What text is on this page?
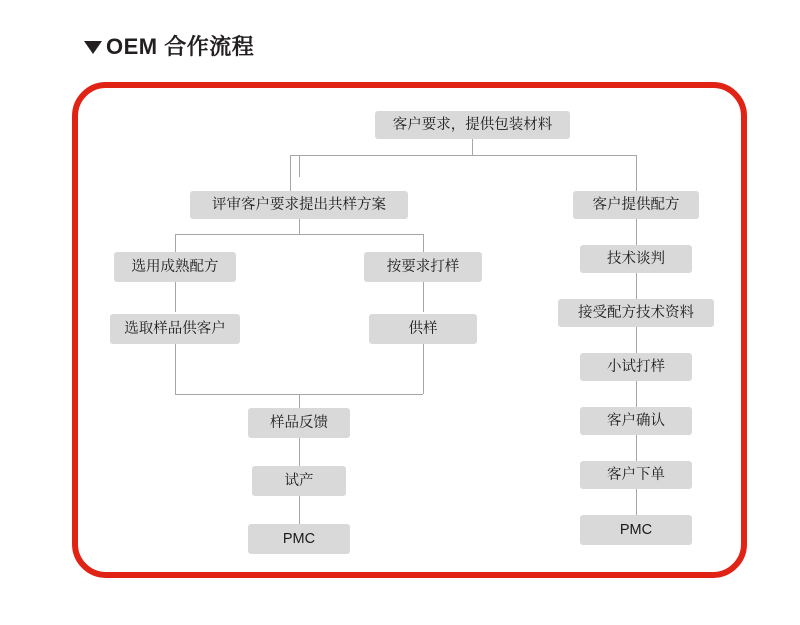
OEM 合作流程
客户要求，提供包装材料
评审客户要求提出共样方案	客户提供配方
选用成熟配方	按要求打样	技术谈判
选取样品供客户	供样
接受配方技术资料
小试打样
样品反馈	客户确认
试产	客户下单
PMC
PMC
